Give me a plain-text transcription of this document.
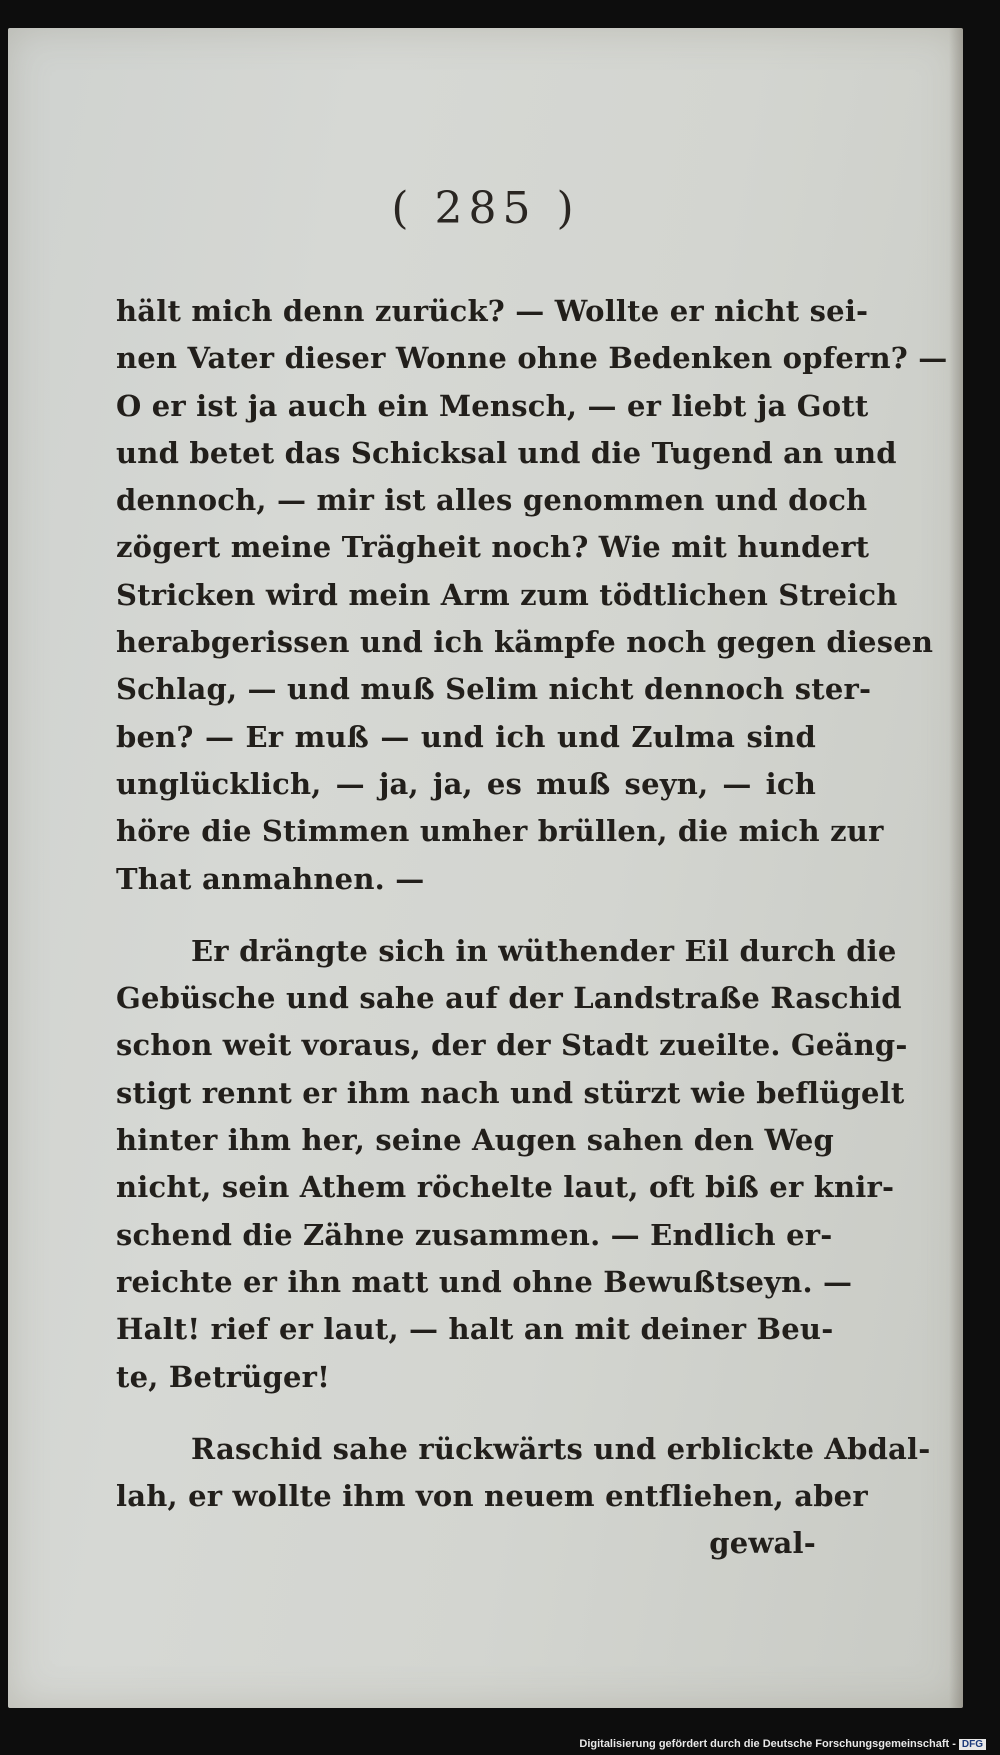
( 285 )
hält mich denn zurück? — Wollte er nicht sei-
nen Vater dieser Wonne ohne Bedenken opfern? —
O er ist ja auch ein Mensch, — er liebt ja Gott
und betet das Schicksal und die Tugend an und
dennoch, — mir ist alles genommen und doch
zögert meine Trägheit noch? Wie mit hundert
Stricken wird mein Arm zum tödtlichen Streich
herabgerissen und ich kämpfe noch gegen diesen
Schlag, — und muß Selim nicht dennoch ster-
ben? — Er muß — und ich und Zulma sind
unglücklich, — ja, ja, es muß seyn, — ich
höre die Stimmen umher brüllen, die mich zur
That anmahnen. —
Er drängte sich in wüthender Eil durch die
Gebüsche und sahe auf der Landstraße Raschid
schon weit voraus, der der Stadt zueilte. Geäng-
stigt rennt er ihm nach und stürzt wie beflügelt
hinter ihm her, seine Augen sahen den Weg
nicht, sein Athem röchelte laut, oft biß er knir-
schend die Zähne zusammen. — Endlich er-
reichte er ihn matt und ohne Bewußtseyn. —
Halt! rief er laut, — halt an mit deiner Beu-
te, Betrüger!
Raschid sahe rückwärts und erblickte Abdal-
lah, er wollte ihm von neuem entfliehen, aber
gewal-
Digitalisierung gefördert durch die Deutsche Forschungsgemeinschaft - DFG
